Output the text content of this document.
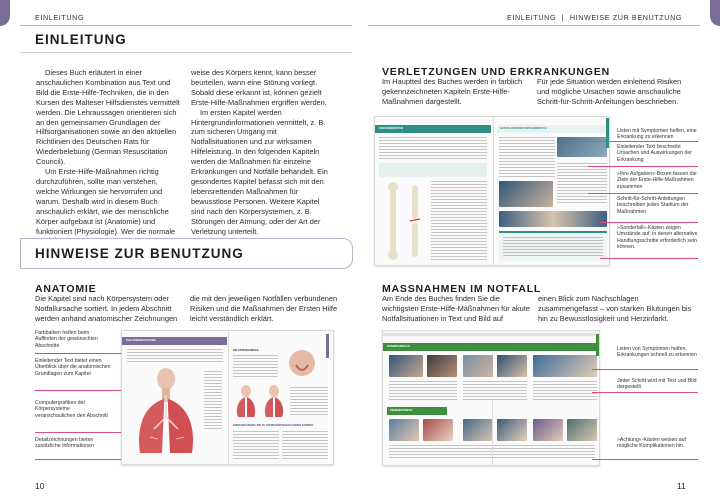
EINLEITUNG	EINLEITUNG | HINWEISE ZUR BENUTZUNG
EINLEITUNG

Dieses Buch erläutert in einer anschaulichen Kombination aus Text und Bild die Erste-Hilfe-Techniken, die in den Kursen des Malteser Hilfsdienstes vermittelt werden. Die Lehraussagen orientieren sich an den gemeinsamen Grundlagen der Hilfsorganisationen sowie an den aktuellen Richtlinien des Deutschen Rats für Wiederbelebung (German Resuscitation Council).

Um Erste-Hilfe-Maßnahmen richtig durchzuführen, sollte man verstehen, welche Wirkungen sie hervorrufen und warum. Deshalb wird in diesem Buch anschaulich erklärt, wie der menschliche Körper aufgebaut ist (Anatomie) und funktioniert (Physiologie). Wer die normale

weise des Körpers kennt, kann besser beurteilen, wann eine Störung vorliegt. Sobald diese erkannt ist, können gezielt Erste-Hilfe-Maßnahmen ergriffen werden.

Im ersten Kapitel werden Hintergrundinformationen vermittelt, z. B. zum sicheren Umgang mit Notfallsituationen und zur wirksamen Hilfeleistung. In den folgenden Kapiteln werden die Maßnahmen für einzelne Erkrankungen und Notfälle behandelt. Ein gesondertes Kapitel befasst sich mit den lebensrettenden Maßnahmen für bewusstlose Personen. Weitere Kapitel sind nach den Körpersystemen, z. B. Störungen der Atmung, oder der Art der Verletzung unterteilt.

HINWEISE ZUR BENUTZUNG
ANATOMIE
Die Kapitel sind nach Körpersystem oder Notfallursache sortiert. In jedem Abschnitt werden anhand anatomischer Zeichnungen
die mit den jeweiligen Notfällen verbundenen Risiken und die Maßnahmen der Ersten Hilfe leicht verständlich erklärt.
Farbbalken helfen beim Auffinden der gewünschten Abschnitte
Einleitender Text bietet einen Überblick über die anatomischen Grundlagen zum Kapitel
Computergrafiken der Körpersysteme veranschaulichen den Abschnitt
Detailzeichnungen bieten zusätzliche Informationen
DAS ATMUNGSSYSTEM
DIE ATMUNGSWEGE
ERKRANKUNGEN, DIE ZU ATEMSTÖRUNGEN FÜHREN KÖNNEN
10
VERLETZUNGEN UND ERKRANKUNGEN
Im Hauptteil des Buches werden in farblich gekennzeichneten Kapiteln Erste-Hilfe-Maßnahmen dargestellt.
Für jede Situation werden einleitend Risiken und mögliche Ursachen sowie anschauliche Schritt-für-Schritt-Anleitungen beschrieben.
KNOCHENBRÜCHE	GESCHLOSSENER KNOCHENBRUCH	Listen mit Symptomen helfen, eine Erkrankung zu erkennen
Einleitender Text beschreibt Ursachen und Auswirkungen der Erkrankung
»Ihre Aufgaben«-Boxen fassen die Ziele der Erste-Hilfe-Maßnahmen zusammen
Schritt-für-Schritt-Anleitungen beschreiben jedes Stadium der Maßnahmen
»Sonderfall«-Kästen zeigen Umstände auf, in denen alternative Handlungsschritte erforderlich sein können.
MASSNAHMEN IM NOTFALL
Am Ende des Buches finden Sie die wichtigsten Erste-Hilfe-Maßnahmen für akute Notfallsituationen in Text und Bild auf
einen Blick zum Nachschlagen zusammengefasst – von starken Blutungen bis hin zu Bewusstlosigkeit und Herzinfarkt.
KRAMPFANFÄLLE
FIEBERKRÄMPFE
Listen von Symptomen helfen, Erkrankungen schnell zu erkennen
Jeder Schritt wird mit Text und Bild dargestellt
»Achtung«-Kästen weisen auf mögliche Komplikationen hin.
11
